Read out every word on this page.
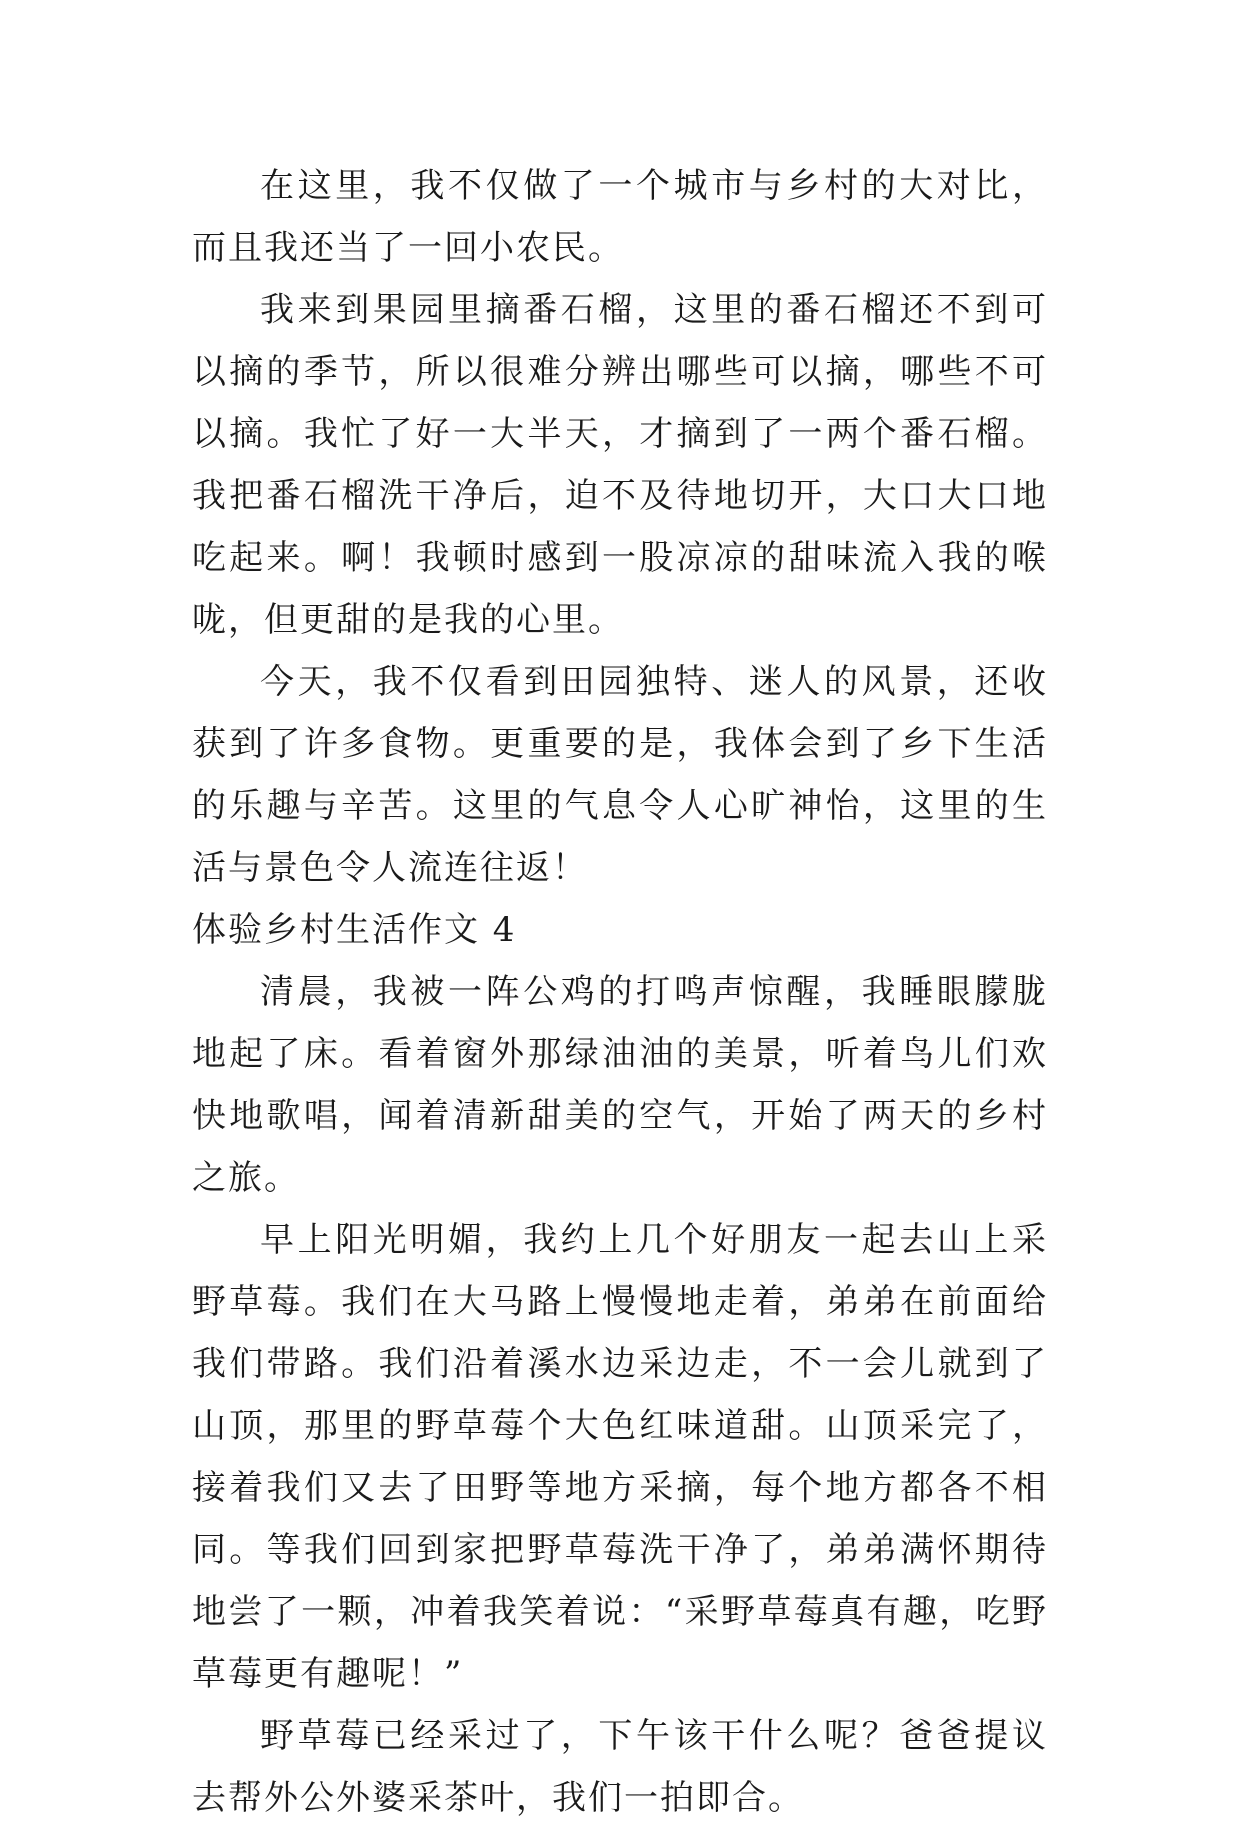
在这里，我不仅做了一个城市与乡村的大对比，而且我还当了一回小农民。

我来到果园里摘番石榴，这里的番石榴还不到可以摘的季节，所以很难分辨出哪些可以摘，哪些不可以摘。我忙了好一大半天，才摘到了一两个番石榴。我把番石榴洗干净后，迫不及待地切开，大口大口地吃起来。啊！我顿时感到一股凉凉的甜味流入我的喉咙，但更甜的是我的心里。

今天，我不仅看到田园独特、迷人的风景，还收获到了许多食物。更重要的是，我体会到了乡下生活的乐趣与辛苦。这里的气息令人心旷神怡，这里的生活与景色令人流连往返！

体验乡村生活作文 4

清晨，我被一阵公鸡的打鸣声惊醒，我睡眼朦胧地起了床。看着窗外那绿油油的美景，听着鸟儿们欢快地歌唱，闻着清新甜美的空气，开始了两天的乡村之旅。

早上阳光明媚，我约上几个好朋友一起去山上采野草莓。我们在大马路上慢慢地走着，弟弟在前面给我们带路。我们沿着溪水边采边走，不一会儿就到了山顶，那里的野草莓个大色红味道甜。山顶采完了，接着我们又去了田野等地方采摘，每个地方都各不相同。等我们回到家把野草莓洗干净了，弟弟满怀期待地尝了一颗，冲着我笑着说：“采野草莓真有趣，吃野草莓更有趣呢！”

野草莓已经采过了，下午该干什么呢？爸爸提议去帮外公外婆采茶叶，我们一拍即合。
